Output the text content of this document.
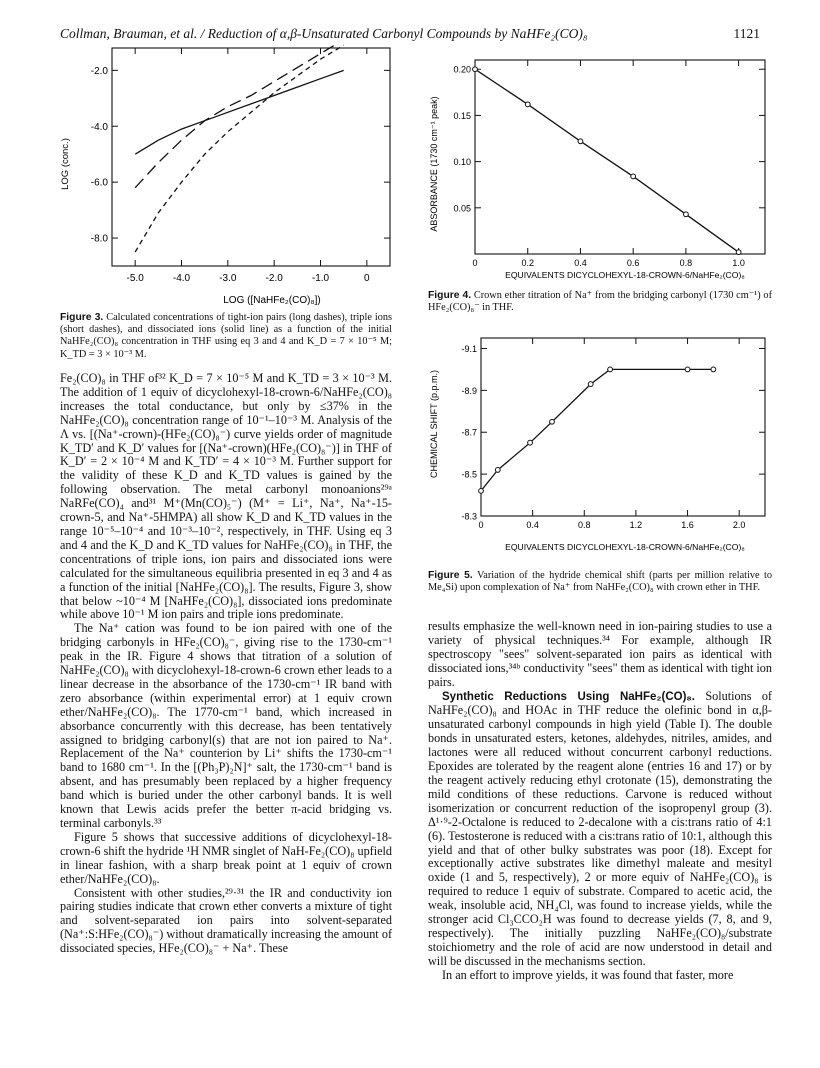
Collman, Brauman, et al. / Reduction of α,β-Unsaturated Carbonyl Compounds by NaHFe₂(CO)₈	1121
-5.0	-4.0	-3.0	-2.0	-1.0	0
-2.0
-4.0
-6.0
-8.0
LOG (conc.)
LOG ([NaHFe₂(CO)₈])
Figure 3. Calculated concentrations of tight-ion pairs (long dashes), triple ions (short dashes), and dissociated ions (solid line) as a function of the initial NaHFe₂(CO)₈ concentration in THF using eq 3 and 4 and K_D = 7 × 10⁻⁵ M; K_TD = 3 × 10⁻³ M.
0	0.2	0.4	0.6	0.8	1.0
0.05
0.10
0.15
0.20
ABSORBANCE (1730 cm⁻¹ peak)
EQUIVALENTS DICYCLOHEXYL-18-CROWN-6/NaHFe₂(CO)₈
Figure 4. Crown ether titration of Na⁺ from the bridging carbonyl (1730 cm⁻¹) of HFe₂(CO)₈⁻ in THF.
0	0.4	0.8	1.2	1.6	2.0
-8.3
-8.5
-8.7
-8.9
-9.1
CHEMICAL SHIFT (p.p.m.)
EQUIVALENTS DICYCLOHEXYL-18-CROWN-6/NaHFe₂(CO)₈
Figure 5. Variation of the hydride chemical shift (parts per million relative to Me₄Si) upon complexation of Na⁺ from NaHFe₂(CO)₈ with crown ether in THF.

Fe₂(CO)₈ in THF of³² K_D = 7 × 10⁻⁵ M and K_TD = 3 × 10⁻³ M. The addition of 1 equiv of dicyclohexyl-18-crown-6/NaHFe₂(CO)₈ increases the total conductance, but only by ≤37% in the NaHFe₂(CO)₈ concentration range of 10⁻¹–10⁻³ M. Analysis of the Λ vs. [(Na⁺-crown)-(HFe₂(CO)₈⁻) curve yields order of magnitude K_TD′ and K_D′ values for [(Na⁺-crown)(HFe₂(CO)₈⁻)] in THF of K_D′ = 2 × 10⁻⁴ M and K_TD′ = 4 × 10⁻³ M. Further support for the validity of these K_D and K_TD values is gained by the following observation. The metal carbonyl monoanions²⁹ᵃ NaRFe(CO)₄ and³¹ M⁺(Mn(CO)₅⁻) (M⁺ = Li⁺, Na⁺, Na⁺-15-crown-5, and Na⁺-5HMPA) all show K_D and K_TD values in the range 10⁻⁵–10⁻⁴ and 10⁻³–10⁻², respectively, in THF. Using eq 3 and 4 and the K_D and K_TD values for NaHFe₂(CO)₈ in THF, the concentrations of triple ions, ion pairs and dissociated ions were calculated for the simultaneous equilibria presented in eq 3 and 4 as a function of the initial [NaHFe₂(CO)₈]. The results, Figure 3, show that below ~10⁻⁴ M [NaHFe₂(CO)₈], dissociated ions predominate while above 10⁻¹ M ion pairs and triple ions predominate.

The Na⁺ cation was found to be ion paired with one of the bridging carbonyls in HFe₂(CO)₈⁻, giving rise to the 1730-cm⁻¹ peak in the IR. Figure 4 shows that titration of a solution of NaHFe₂(CO)₈ with dicyclohexyl-18-crown-6 crown ether leads to a linear decrease in the absorbance of the 1730-cm⁻¹ IR band with zero absorbance (within experimental error) at 1 equiv crown ether/NaHFe₂(CO)₈. The 1770-cm⁻¹ band, which increased in absorbance concurrently with this decrease, has been tentatively assigned to bridging carbonyl(s) that are not ion paired to Na⁺. Replacement of the Na⁺ counterion by Li⁺ shifts the 1730-cm⁻¹ band to 1680 cm⁻¹. In the [(Ph₃P)₂N]⁺ salt, the 1730-cm⁻¹ band is absent, and has presumably been replaced by a higher frequency band which is buried under the other carbonyl bands. It is well known that Lewis acids prefer the better π-acid bridging vs. terminal carbonyls.³³

Figure 5 shows that successive additions of dicyclohexyl-18-crown-6 shift the hydride ¹H NMR singlet of NaH-Fe₂(CO)₈ upfield in linear fashion, with a sharp break point at 1 equiv of crown ether/NaHFe₂(CO)₈.

Consistent with other studies,²⁹·³¹ the IR and conductivity ion pairing studies indicate that crown ether converts a mixture of tight and solvent-separated ion pairs into solvent-separated (Na⁺:S:HFe₂(CO)₈⁻) without dramatically increasing the amount of dissociated species, HFe₂(CO)₈⁻ + Na⁺. These

results emphasize the well-known need in ion-pairing studies to use a variety of physical techniques.³⁴ For example, although IR spectroscopy "sees" solvent-separated ion pairs as identical with dissociated ions,³⁴ᵇ conductivity "sees" them as identical with tight ion pairs.

Synthetic Reductions Using NaHFe₂(CO)₈. Solutions of NaHFe₂(CO)₈ and HOAc in THF reduce the olefinic bond in α,β-unsaturated carbonyl compounds in high yield (Table I). The double bonds in unsaturated esters, ketones, aldehydes, nitriles, amides, and lactones were all reduced without concurrent carbonyl reductions. Epoxides are tolerated by the reagent alone (entries 16 and 17) or by the reagent actively reducing ethyl crotonate (15), demonstrating the mild conditions of these reductions. Carvone is reduced without isomerization or concurrent reduction of the isopropenyl group (3). Δ¹·⁹-2-Octalone is reduced to 2-decalone with a cis:trans ratio of 4:1 (6). Testosterone is reduced with a cis:trans ratio of 10:1, although this yield and that of other bulky substrates was poor (18). Except for exceptionally active substrates like dimethyl maleate and mesityl oxide (1 and 5, respectively), 2 or more equiv of NaHFe₂(CO)₈ is required to reduce 1 equiv of substrate. Compared to acetic acid, the weak, insoluble acid, NH₄Cl, was found to increase yields, while the stronger acid Cl₃CCO₂H was found to decrease yields (7, 8, and 9, respectively). The initially puzzling NaHFe₂(CO)₈/substrate stoichiometry and the role of acid are now understood in detail and will be discussed in the mechanisms section.

In an effort to improve yields, it was found that faster, more
